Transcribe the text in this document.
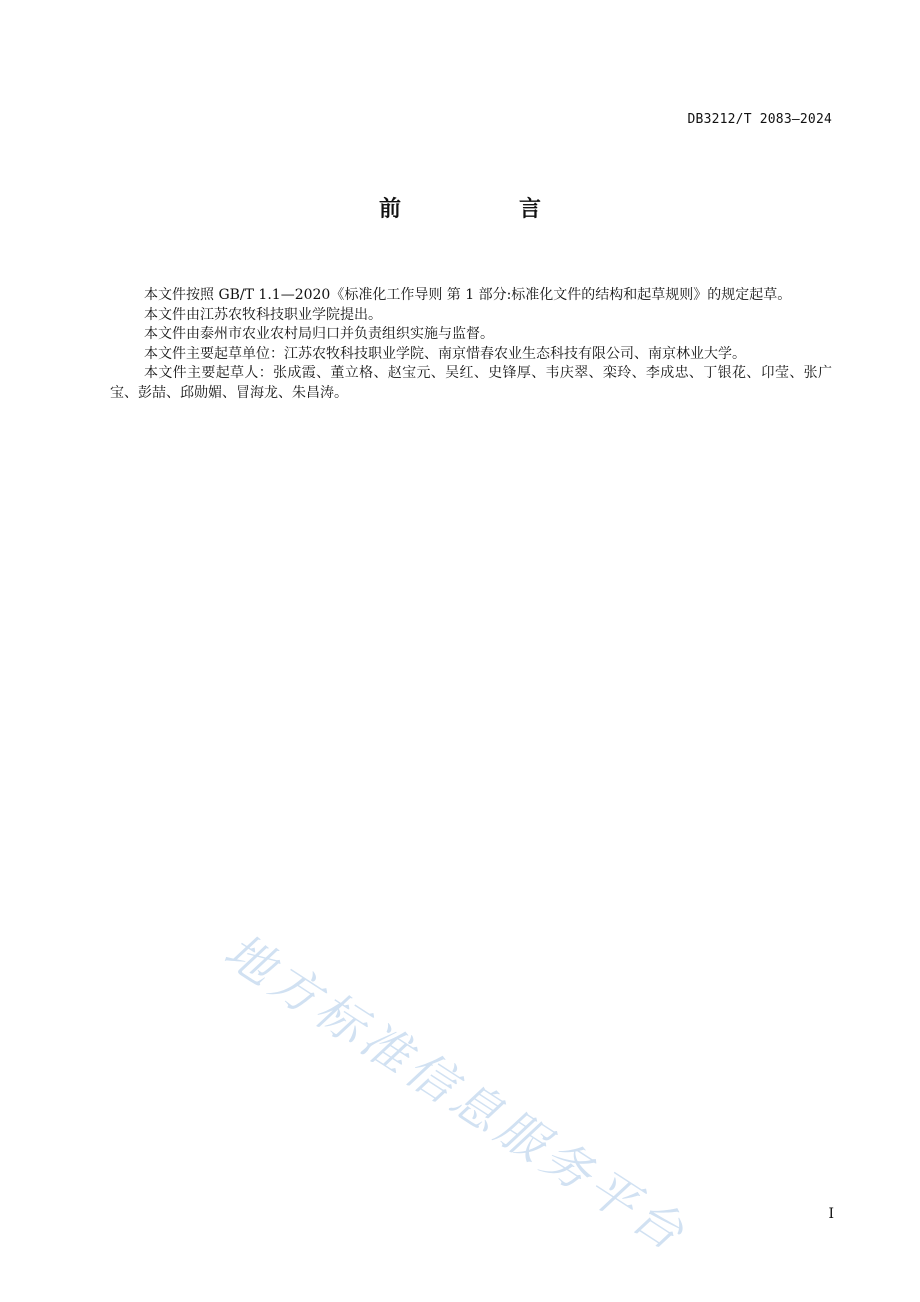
DB3212/T 2083—2024
前　言

本文件按照 GB/T 1.1—2020《标准化工作导则 第 1 部分:标准化文件的结构和起草规则》的规定起草。

本文件由江苏农牧科技职业学院提出。

本文件由泰州市农业农村局归口并负责组织实施与监督。

本文件主要起草单位：江苏农牧科技职业学院、南京惜春农业生态科技有限公司、南京林业大学。

本文件主要起草人：张成霞、董立格、赵宝元、吴红、史锋厚、韦庆翠、栾玲、李成忠、丁银花、卬莹、张广宝、彭喆、邱勋媚、冒海龙、朱昌涛。

地方标准信息服务平台	I
